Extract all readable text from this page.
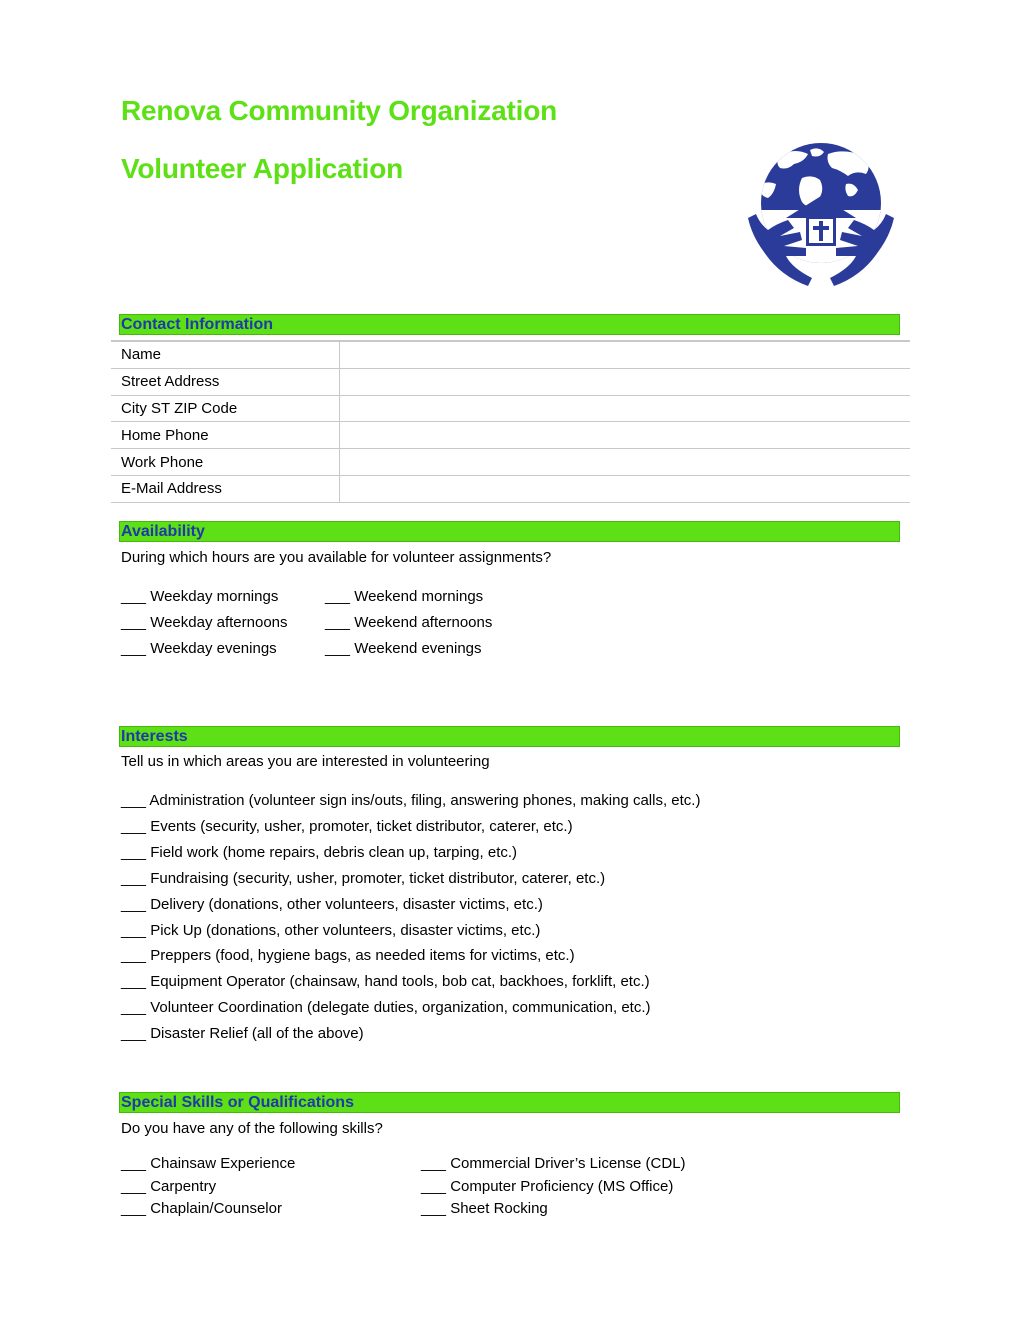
Renova Community Organization
Volunteer Application
Contact Information
Name	
Street Address	
City ST ZIP Code	
Home Phone	
Work Phone	
E-Mail Address	
Availability
During which hours are you available for volunteer assignments?
___ Weekday mornings	___ Weekend mornings
___ Weekday afternoons ___ Weekend afternoons
___ Weekday evenings	___ Weekend evenings
Interests
Tell us in which areas you are interested in volunteering
___ Administration (volunteer sign ins/outs, filing, answering phones, making calls, etc.)
___ Events (security, usher, promoter, ticket distributor, caterer, etc.)
___ Field work (home repairs, debris clean up, tarping, etc.)
___ Fundraising (security, usher, promoter, ticket distributor, caterer, etc.)
___ Delivery (donations, other volunteers, disaster victims, etc.)
___ Pick Up (donations, other volunteers, disaster victims, etc.)
___ Preppers (food, hygiene bags, as needed items for victims, etc.)
___ Equipment Operator (chainsaw, hand tools, bob cat, backhoes, forklift, etc.)
___ Volunteer Coordination (delegate duties, organization, communication, etc.)
___ Disaster Relief (all of the above)
Special Skills or Qualifications
Do you have any of the following skills?
___ Chainsaw Experience	___ Commercial Driver’s License (CDL)
___ Carpentry	___ Computer Proficiency (MS Office)
___ Chaplain/Counselor	___ Sheet Rocking
